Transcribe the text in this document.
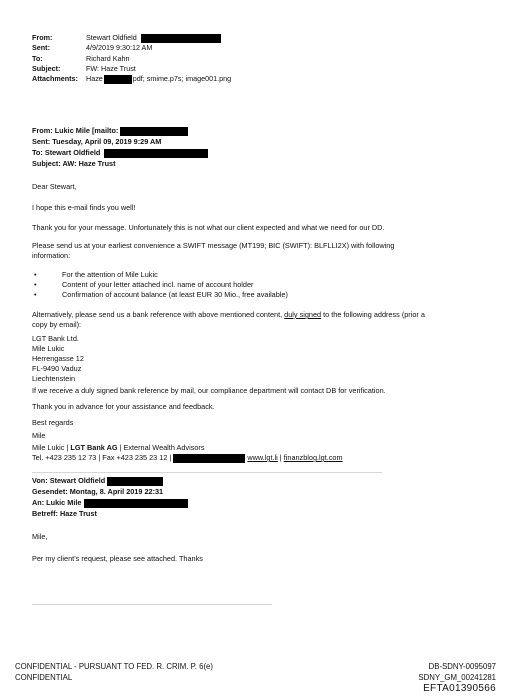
From:	Stewart Oldfield
Sent:	4/9/2019 9:30:12 AM
To:	Richard Kahn
Subject:	FW: Haze Trust
Attachments: Haze	pdf; smime.p7s; image001.png
From: Lukic Mile [mailto:
Sent: Tuesday, April 09, 2019 9:29 AM
To: Stewart Oldfield
Subject: AW: Haze Trust
Dear Stewart,
I hope this e-mail finds you well!
Thank you for your message. Unfortunately this is not what our client expected and what we need for our DD.
Please send us at your earliest convenience a SWIFT message (MT199; BIC (SWIFT): BLFLLI2X) with following
information:
• For the attention of Mile Lukic
• Content of your letter attached incl. name of account holder
• Confirmation of account balance (at least EUR 30 Mio., free available)
Alternatively, please send us a bank reference with above mentioned content, duly signed to the following address (prior a
copy by email):
LGT Bank Ltd.
Mile Lukic
Herrengasse 12
FL-9490 Vaduz
Liechtenstein
If we receive a duly signed bank reference by mail, our compliance department will contact DB for verification.
Thank you in advance for your assistance and feedback.
Best regards
Mile
Mile Lukic | LGT Bank AG | External Wealth Advisors
Tel. +423 235 12 73 | Fax +423 235 23 12 |	www.lgt.li | finanzblog.lgt.com
Von: Stewart Oldfield
Gesendet: Montag, 8. April 2019 22:31
An: Lukic Mile
Betreff: Haze Trust
Mile,
Per my client’s request, please see attached. Thanks
CONFIDENTIAL - PURSUANT TO FED. R. CRIM. P. 6(e)
CONFIDENTIAL
DB-SDNY-0095097
SDNY_GM_00241281
EFTA01390566
